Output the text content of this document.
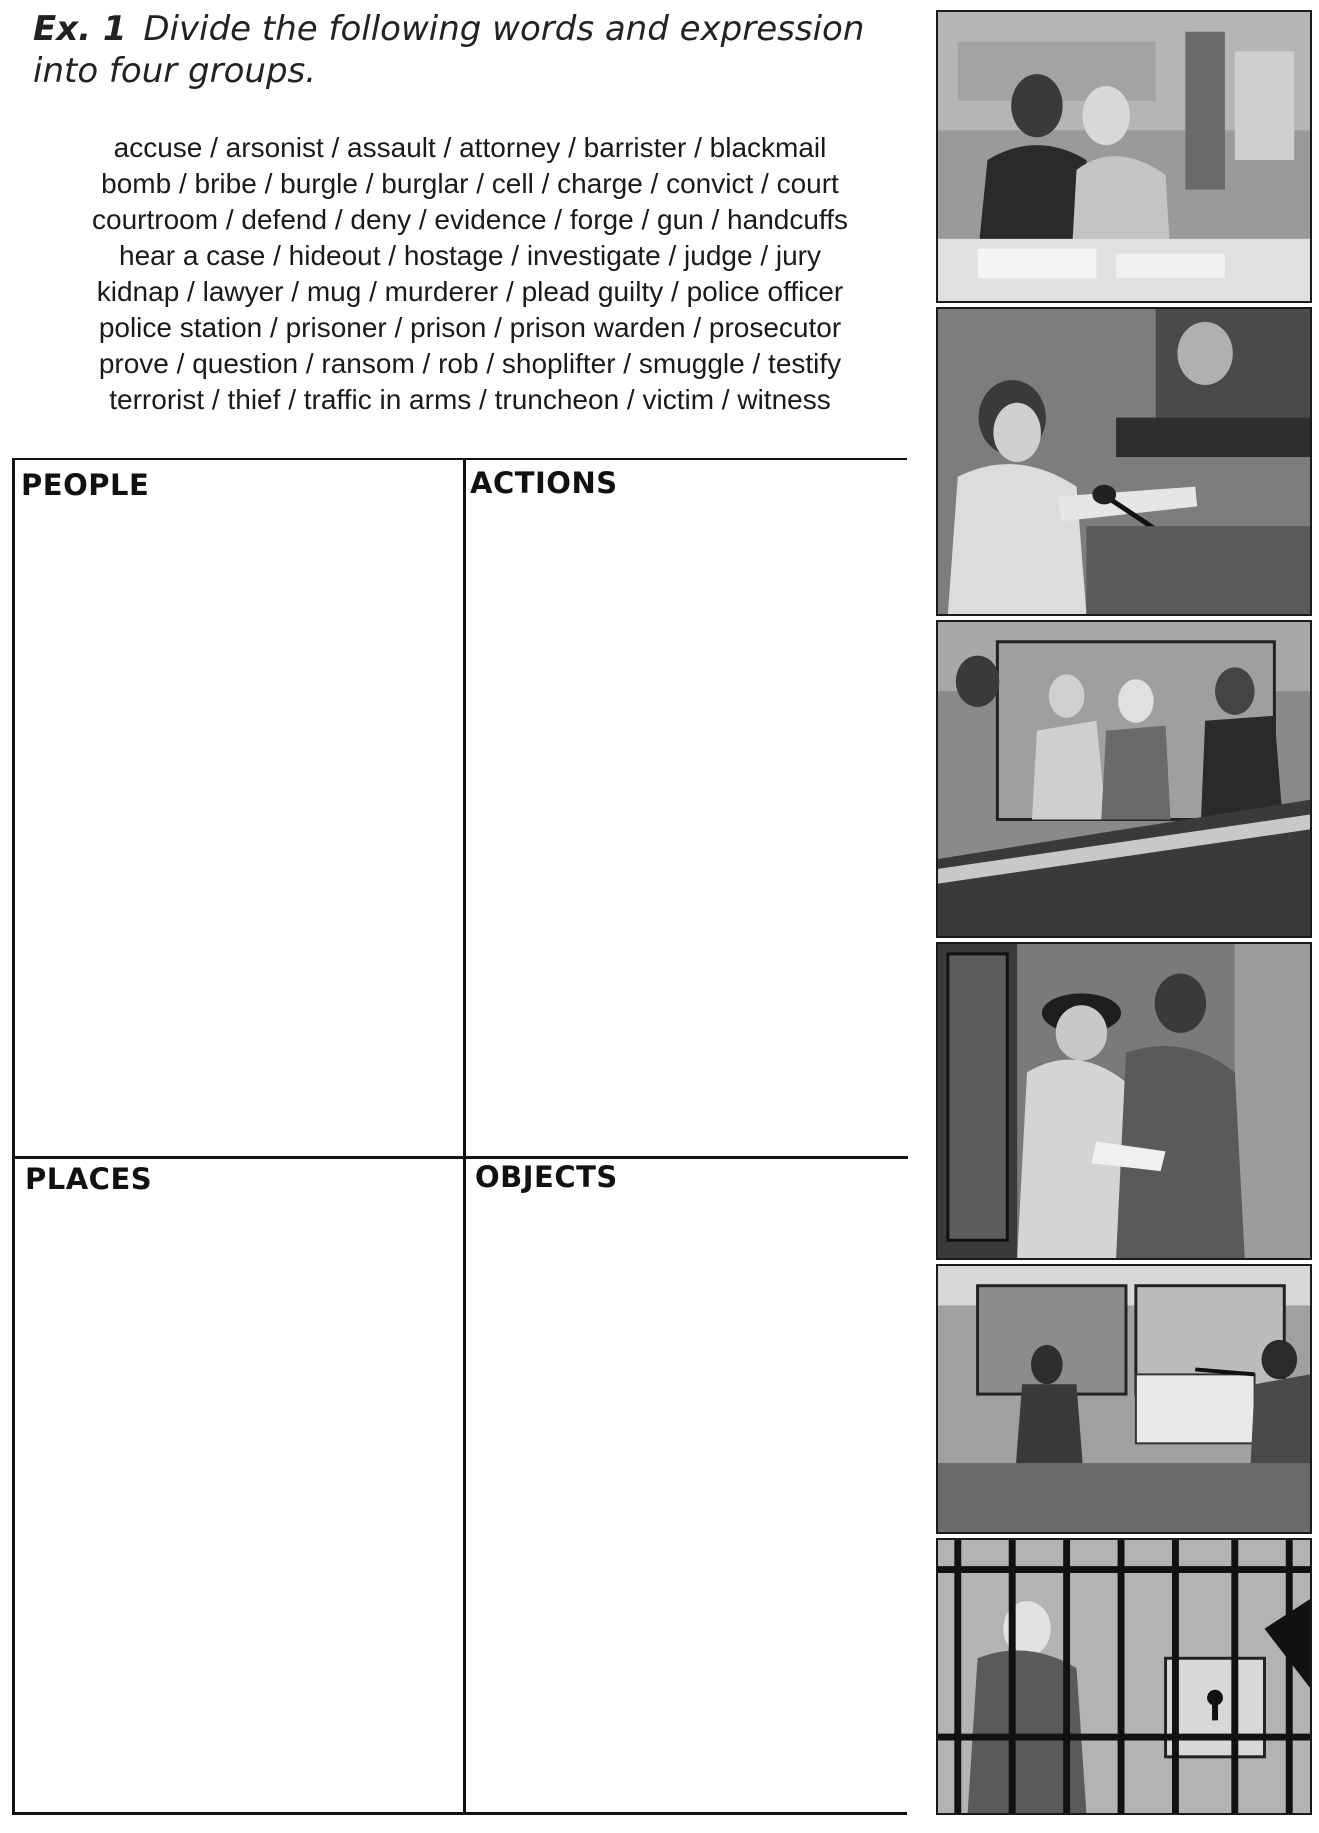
Ex. 1 Divide the following words and expression into four groups.
accuse / arsonist / assault / attorney / barrister / blackmail
bomb / bribe / burgle / burglar / cell / charge / convict / court
courtroom / defend / deny / evidence / forge / gun / handcuffs
hear a case / hideout / hostage / investigate / judge / jury
kidnap / lawyer / mug / murderer / plead guilty / police officer
police station / prisoner / prison / prison warden / prosecutor
prove / question / ransom / rob / shoplifter / smuggle / testify
terrorist / thief / traffic in arms / truncheon / victim / witness
PEOPLE	ACTIONS
PLACES	OBJECTS
